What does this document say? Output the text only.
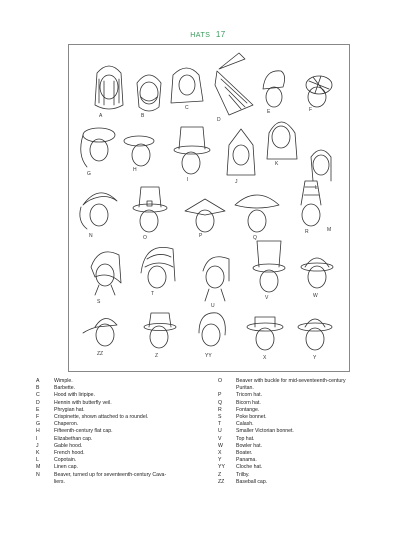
HATS 17
A	B
C
D
E	F
G
H
I	J
K
L
M
N	O	P	Q
R
S
T
U
V	W
X	Y
YY
Z
ZZ
A	Wimple.
B	Barbette.
C	Hood with liripipe.
D	Hennin with butterfly veil.
E	Phrygian hat.
F	Crispinette, shown attached to a roundel.
G	Chaperon.
H	Fifteenth-century flat cap.
I	Elizabethan cap.
J	Gable hood.
K	French hood.
L	Copotain.
M	Linen cap.
N	Beaver, turned up for seventeenth-century Cava-
liers.
O	Beaver with buckle for mid-seventeenth-century
Puritan.
P	Tricorn hat.
Q	Bicorn hat.
R	Fontange.
S	Poke bonnet.
T	Calash.
U	Smaller Victorian bonnet.
V	Top hat.
W	Bowler hat.
X	Boater.
Y	Panama.
YY	Cloche hat.
Z	Trilby.
ZZ	Baseball cap.
